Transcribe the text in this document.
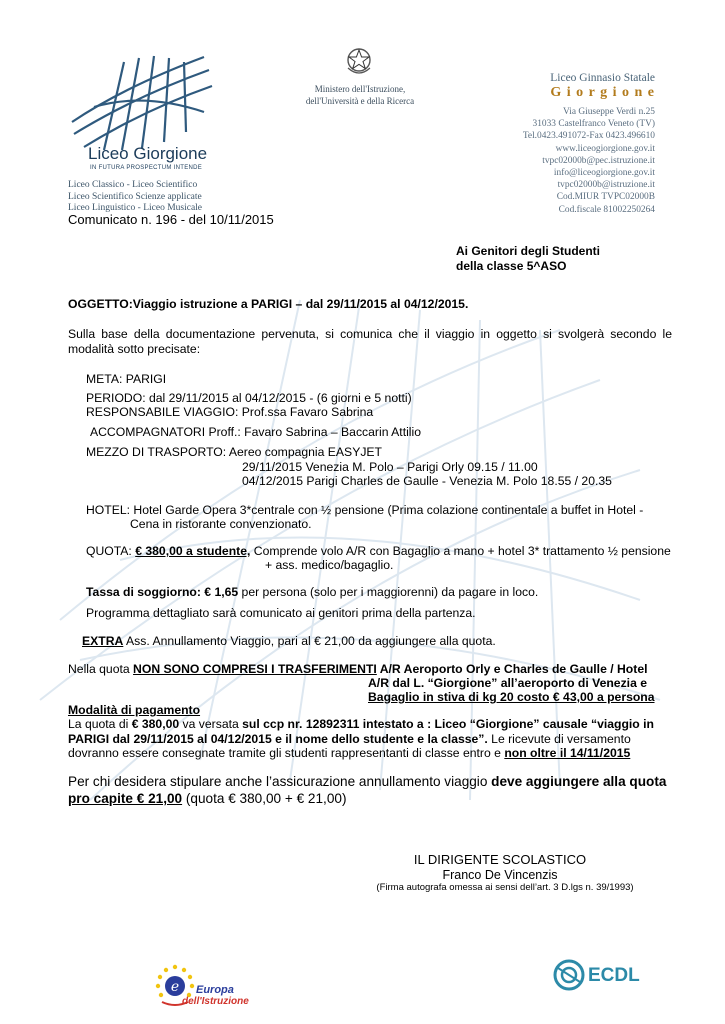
Liceo Giorgione
IN FUTURA PROSPECTUM INTENDE
Liceo Classico - Liceo Scientifico
Liceo Scientifico Scienze applicate
Liceo Linguistico - Liceo Musicale
Ministero dell'Istruzione,
dell'Università e della Ricerca
Liceo Ginnasio Statale
G i o r g i o n e
Via Giuseppe Verdi n.25
31033 Castelfranco Veneto (TV)
Tel.0423.491072-Fax 0423.496610
www.liceogiorgione.gov.it
tvpc02000b@pec.istruzione.it
info@liceogiorgione.gov.it
tvpc02000b@istruzione.it
Cod.MIUR TVPC02000B
Cod.fiscale 81002250264
Comunicato n. 196 - del 10/11/2015
Ai Genitori degli Studenti
della classe 5^ASO
OGGETTO:Viaggio istruzione a PARIGI – dal 29/11/2015 al 04/12/2015.
Sulla base della documentazione pervenuta, si comunica che il viaggio in oggetto si svolgerà secondo le modalità sotto precisate:
META: PARIGI
PERIODO: dal 29/11/2015 al 04/12/2015 - (6 giorni e 5 notti)
RESPONSABILE VIAGGIO: Prof.ssa Favaro Sabrina
ACCOMPAGNATORI Proff.: Favaro Sabrina – Baccarin Attilio
MEZZO DI TRASPORTO: Aereo compagnia EASYJET
29/11/2015 Venezia M. Polo – Parigi Orly 09.15 / 11.00
04/12/2015 Parigi Charles de Gaulle - Venezia M. Polo 18.55 / 20.35
HOTEL: Hotel Garde Opera 3*centrale con ½ pensione (Prima colazione continentale a buffet in Hotel -
Cena in ristorante convenzionato.
QUOTA: € 380,00 a studente, Comprende volo A/R con Bagaglio a mano + hotel 3* trattamento ½ pensione
+ ass. medico/bagaglio.
Tassa di soggiorno: € 1,65 per persona (solo per i maggiorenni) da pagare in loco.
Programma dettagliato sarà comunicato ai genitori prima della partenza.
EXTRA Ass. Annullamento Viaggio, pari al € 21,00 da aggiungere alla quota.
Nella quota NON SONO COMPRESI I TRASFERIMENTI A/R Aeroporto Orly e Charles de Gaulle / Hotel
A/R dal L. “Giorgione” all’aeroporto di Venezia e
Bagaglio in stiva di kg 20 costo € 43,00 a persona
Modalità di pagamento
La quota di € 380,00 va versata sul ccp nr. 12892311 intestato a : Liceo “Giorgione” causale “viaggio in
PARIGI dal 29/11/2015 al 04/12/2015 e il nome dello studente e la classe”. Le ricevute di versamento
dovranno essere consegnate tramite gli studenti rappresentanti di classe entro e non oltre il 14/11/2015
Per chi desidera stipulare anche l’assicurazione annullamento viaggio deve aggiungere alla quota
pro capite € 21,00 (quota € 380,00 + € 21,00)
IL DIRIGENTE SCOLASTICO
Franco De Vincenzis
(Firma autografa omessa ai sensi dell’art. 3 D.lgs n. 39/1993)
e Europa
dell'Istruzione
ECDL
